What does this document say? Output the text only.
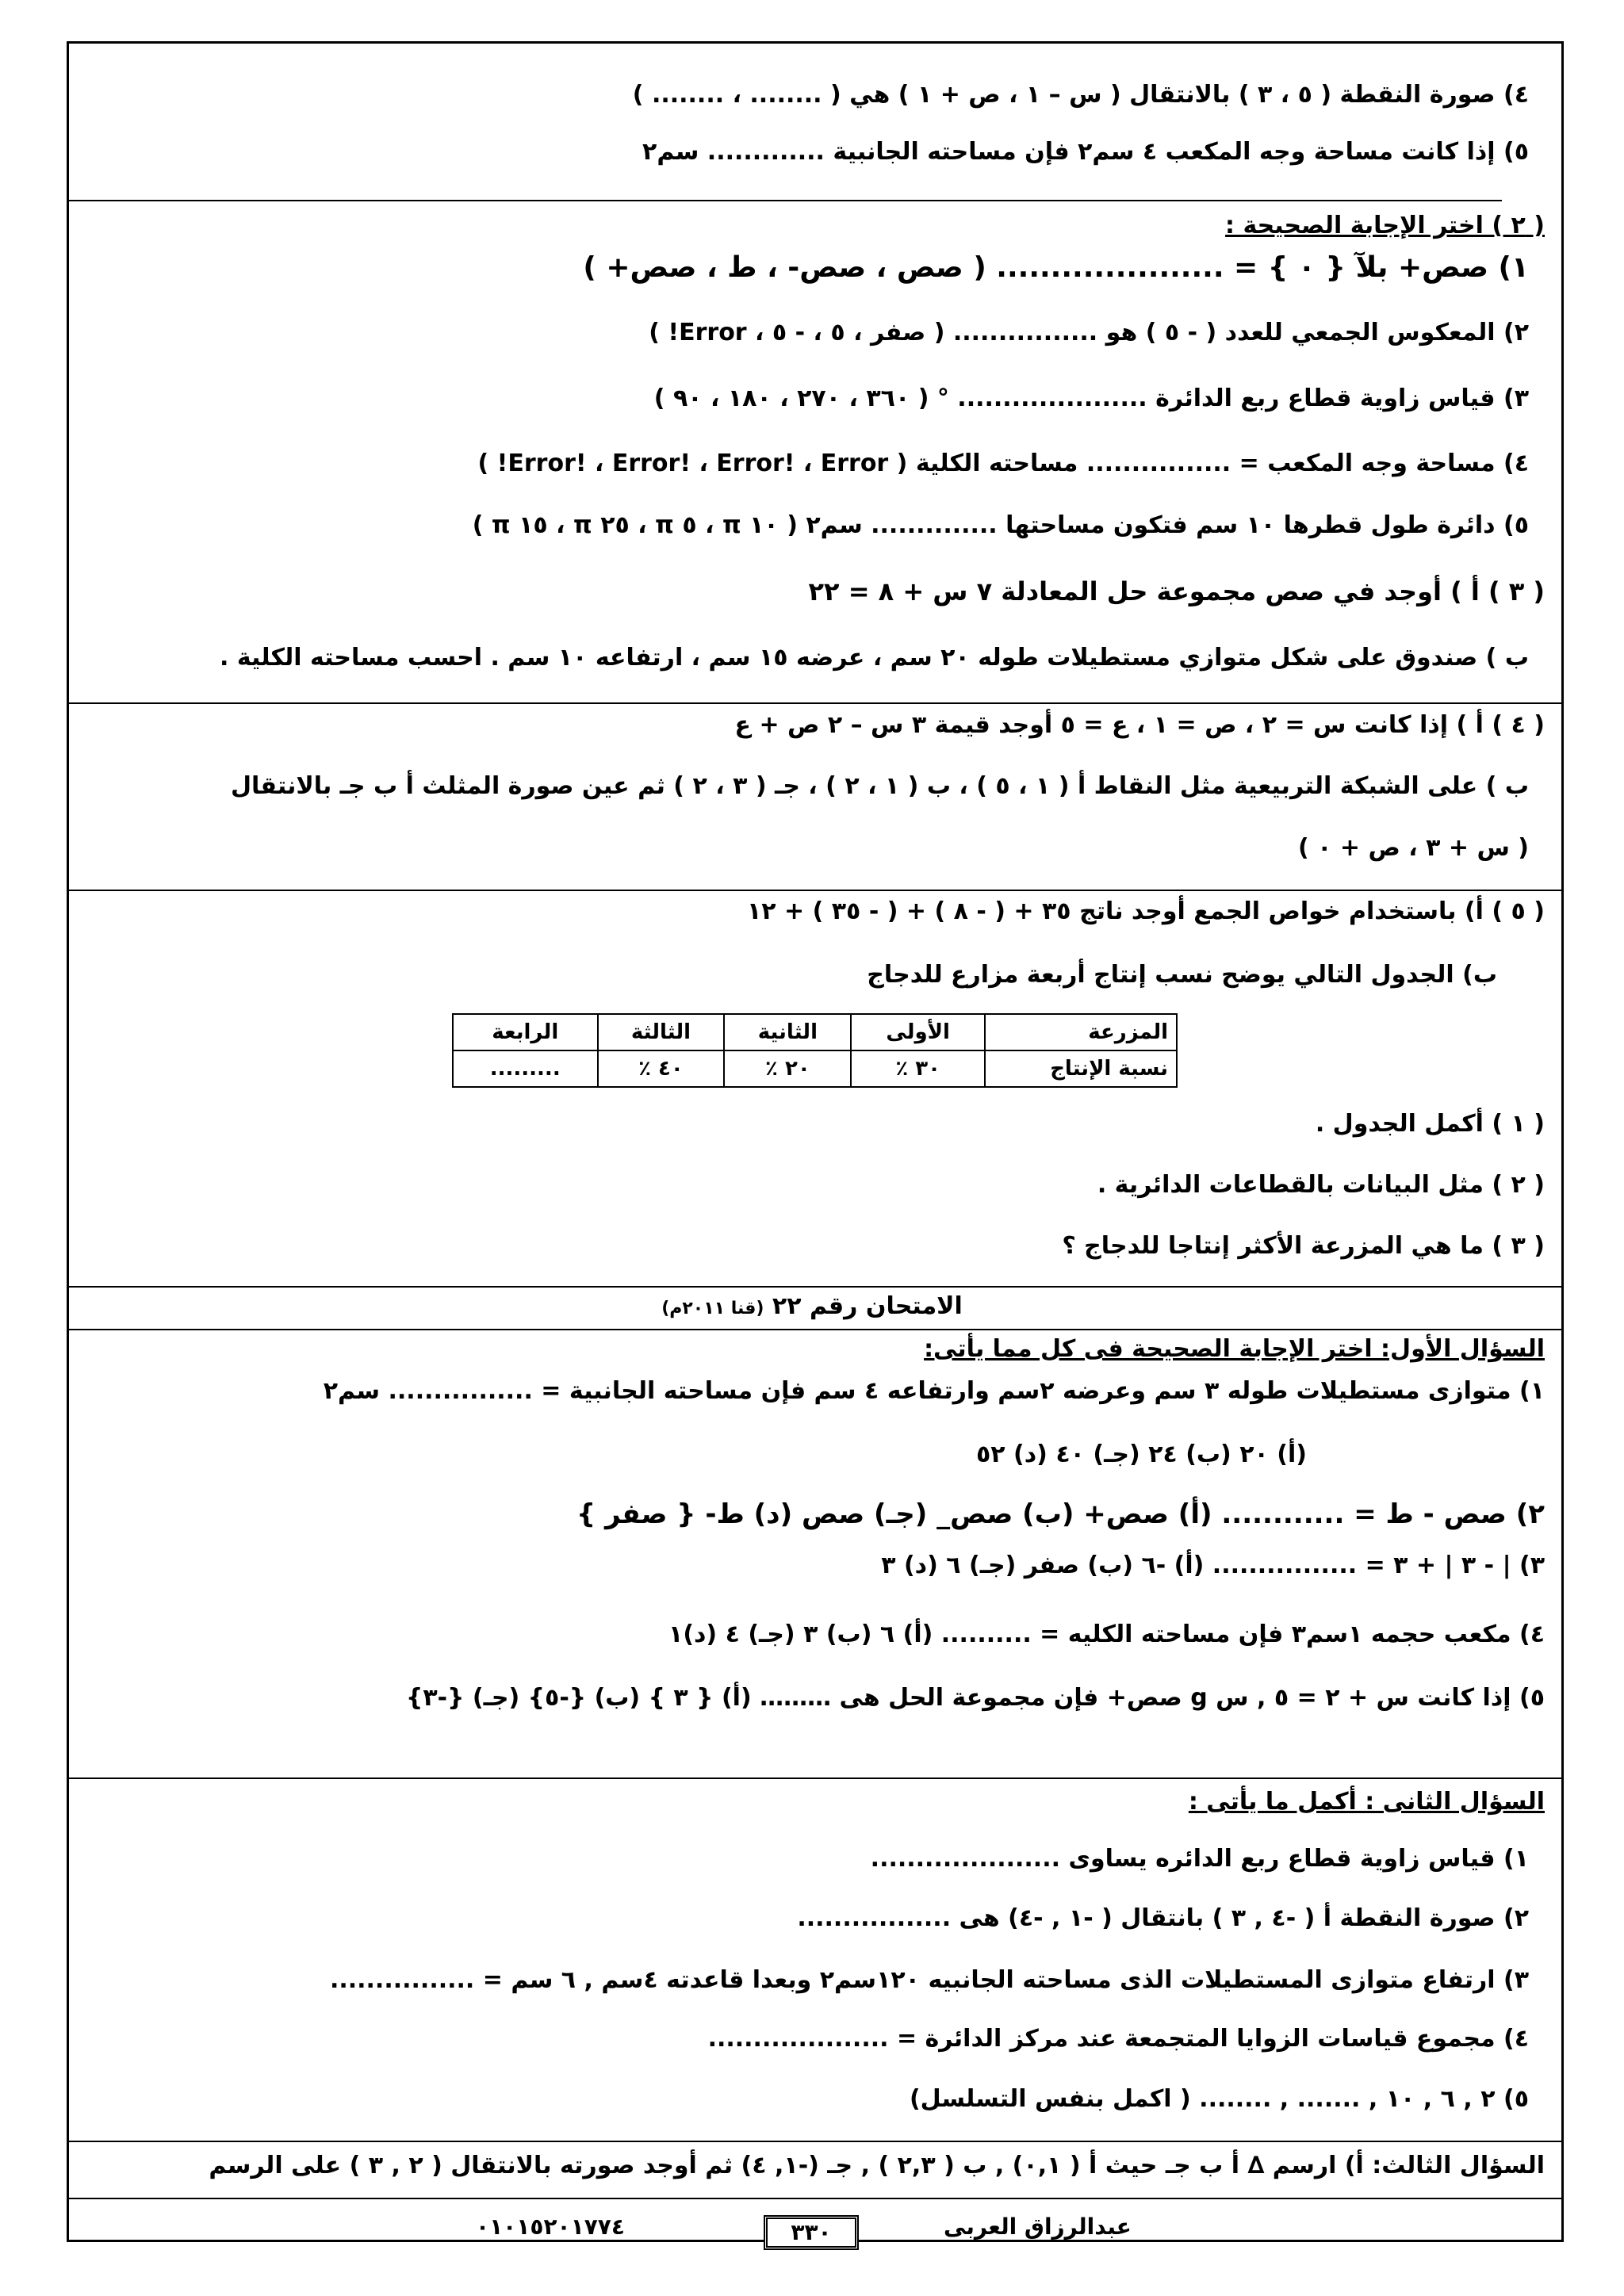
٤) صورة النقطة ( ٥ ، ٣ ) بالانتقال ( س – ١ ، ص + ١ ) هي ( ........ ، ........ )
٥) إذا كانت مساحة وجه المكعب ٤ سم٢ فإن مساحته الجانبية ............. سم٢
( ٢ ) اختر الإجابة الصحيحة :
١) صص+ بلآ { ٠ } = ..................... ( صص ، صص- ، ط ، صص+ )
٢) المعكوس الجمعي للعدد ( - ٥ ) هو ................ ( صفر ، ٥ ، - ٥ ، Error! )
٣) قياس زاوية قطاع ربع الدائرة ..................... ° ( ٣٦٠ ، ٢٧٠ ، ١٨٠ ، ٩٠ )
٤) مساحة وجه المكعب = ................ مساحته الكلية ( Error! ، Error! ، Error! ، Error! )
٥) دائرة طول قطرها ١٠ سم فتكون مساحتها .............. سم٢ ( ١٠ π ، ٥ π ، ٢٥ π ، ١٥ π )
( ٣ ) أ ) أوجد في صص مجموعة حل المعادلة ٧ س + ٨ = ٢٢
ب ) صندوق على شكل متوازي مستطيلات طوله ٢٠ سم ، عرضه ١٥ سم ، ارتفاعه ١٠ سم . احسب مساحته الكلية .
( ٤ ) أ ) إذا كانت س = ٢ ، ص = ١ ، ع = ٥ أوجد قيمة ٣ س – ٢ ص + ع
ب ) على الشبكة التربيعية مثل النقاط أ ( ١ ، ٥ ) ، ب ( ١ ، ٢ ) ، جـ ( ٣ ، ٢ ) ثم عين صورة المثلث أ ب جـ بالانتقال
( س + ٣ ، ص + ٠ )
( ٥ ) أ) باستخدام خواص الجمع أوجد ناتج ٣٥ + ( - ٨ ) + ( - ٣٥ ) + ١٢
ب) الجدول التالي يوضح نسب إنتاج أربعة مزارع للدجاج
المزرعة	الأولى	الثانية	الثالثة	الرابعة
نسبة الإنتاج	٣٠ ٪	٢٠ ٪	٤٠ ٪	.........
( ١ ) أكمل الجدول .
( ٢ ) مثل البيانات بالقطاعات الدائرية .
( ٣ ) ما هي المزرعة الأكثر إنتاجا للدجاج ؟
الامتحان رقم ٢٢ (قنا ٢٠١١م)
السؤال الأول: اختر الإجابة الصحيحة فى كل مما يأتى:
١) متوازى مستطيلات طوله ٣ سم وعرضه ٢سم وارتفاعه ٤ سم فإن مساحته الجانبية = ................ سم٢
(أ) ٢٠ (ب) ٢٤ (جـ) ٤٠ (د) ٥٢
٢) صص - ط = ............ (أ) صص+ (ب) صص_ (جـ) صص (د) ط- { صفر }
٣) | - ٣ | + ٣ = ................ (أ) -٦ (ب) صفر (جـ) ٦ (د) ٣
٤) مكعب حجمه ١سم٣ فإن مساحته الكليه = .......... (أ) ٦ (ب) ٣ (جـ) ٤ (د)١
٥) إذا كانت س + ٢ = ٥ , س g صص+ فإن مجموعة الحل هى ……… (أ) { ٣ } (ب) {-٥} (جـ) {-٣}
السؤال الثانى : أكمل ما يأتى :
١) قياس زاوية قطاع ربع الدائره يساوى .....................
٢) صورة النقطة أ ( -٤ , ٣ ) بانتقال ( -١ , -٤) هى .................
٣) ارتفاع متوازى المستطيلات الذى مساحته الجانبيه ١٢٠سم٢ وبعدا قاعدته ٤سم , ٦ سم = ................
٤) مجموع قياسات الزوايا المتجمعة عند مركز الدائرة = ....................
٥) ٢ , ٦ , ١٠ , ....... , ........ ( اكمل بنفس التسلسل)
السؤال الثالث: أ) ارسم ∆ أ ب جـ حيث أ ( ٠,١) , ب ( ٢,٣ ) , جـ (-١, ٤) ثم أوجد صورته بالانتقال ( ٢ , ٣ ) على الرسم
عبدالرزاق العربى
٣٣٠
٠١٠١٥٢٠١٧٧٤
